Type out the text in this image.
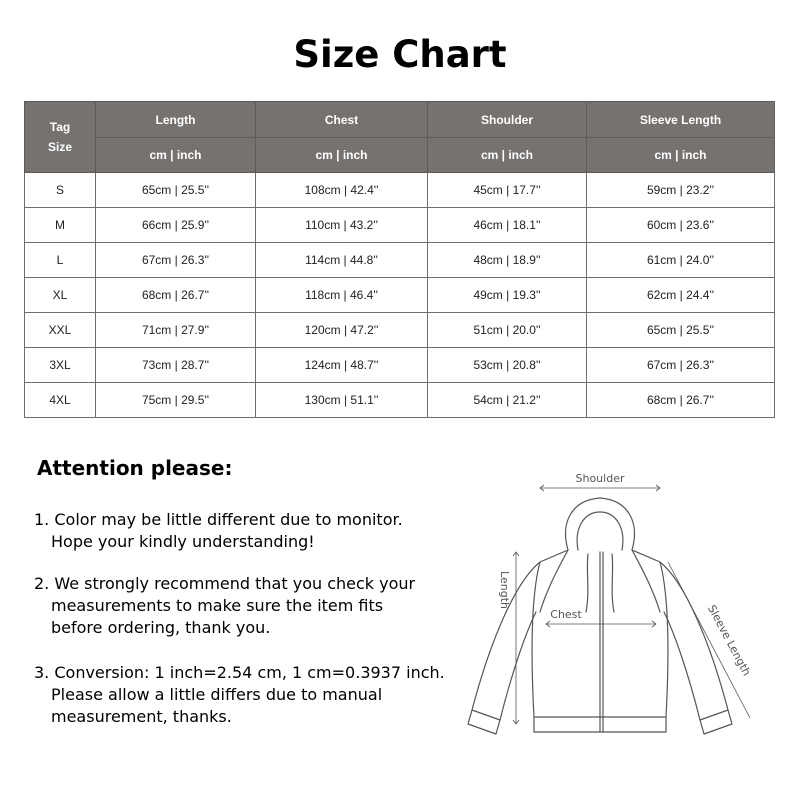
Size Chart
Tag
Size	Length	Chest	Shoulder	Sleeve Length
	cm | inch	cm | inch	cm | inch	cm | inch
S	65cm | 25.5''	108cm | 42.4''	45cm | 17.7''	59cm | 23.2''
M	66cm | 25.9''	110cm | 43.2''	46cm | 18.1''	60cm | 23.6''
L	67cm | 26.3''	114cm | 44.8''	48cm | 18.9''	61cm | 24.0''
XL	68cm | 26.7''	118cm | 46.4''	49cm | 19.3''	62cm | 24.4''
XXL	71cm | 27.9''	120cm | 47.2''	51cm | 20.0''	65cm | 25.5''
3XL	73cm | 28.7''	124cm | 48.7''	53cm | 20.8''	67cm | 26.3''
4XL	75cm | 29.5''	130cm | 51.1''	54cm | 21.2''	68cm | 26.7''
Attention please:
1. Color may be little different due to monitor.
Hope your kindly understanding!
2. We strongly recommend that you check your
measurements to make sure the item fits
before ordering, thank you.
3. Conversion: 1 inch=2.54 cm, 1 cm=0.3937 inch.
Please allow a little differs due to manual
measurement, thanks.
Shoulder
Length
Chest	Sleeve Length
